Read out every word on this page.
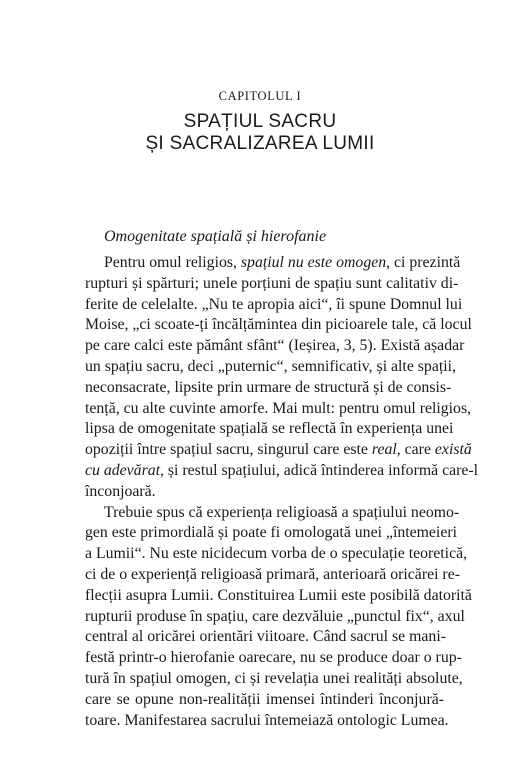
CAPITOLUL I
SPAȚIUL SACRU
ȘI SACRALIZAREA LUMII
Omogenitate spațială și hierofanie
Pentru omul religios, spațiul nu este omogen, ci prezintă
rupturi și spărturi; unele porțiuni de spațiu sunt calitativ di-
ferite de celelalte. „Nu te apropia aici“, îi spune Domnul lui
Moise, „ci scoate-ți încălțămintea din picioarele tale, că locul
pe care calci este pământ sfânt“ (Ieșirea, 3, 5). Există așadar
un spațiu sacru, deci „puternic“, semnificativ, și alte spații,
neconsacrate, lipsite prin urmare de structură și de consis-
tență, cu alte cuvinte amorfe. Mai mult: pentru omul religios,
lipsa de omogenitate spațială se reflectă în experiența unei
opoziții între spațiul sacru, singurul care este real, care există
cu adevărat, și restul spațiului, adică întinderea informă care-l
înconjoară.
Trebuie spus că experiența religioasă a spațiului neomo-
gen este primordială și poate fi omologată unei „întemeieri
a Lumii“. Nu este nicidecum vorba de o speculație teoretică,
ci de o experiență religioasă primară, anterioară oricărei re-
flecții asupra Lumii. Constituirea Lumii este posibilă datorită
rupturii produse în spațiu, care dezvăluie „punctul fix“, axul
central al oricărei orientări viitoare. Când sacrul se mani-
festă printr-o hierofanie oarecare, nu se produce doar o rup-
tură în spațiul omogen, ci și revelația unei realități absolute,
care se opune non-realității imensei întinderi înconjură-
toare. Manifestarea sacrului întemeiază ontologic Lumea.
